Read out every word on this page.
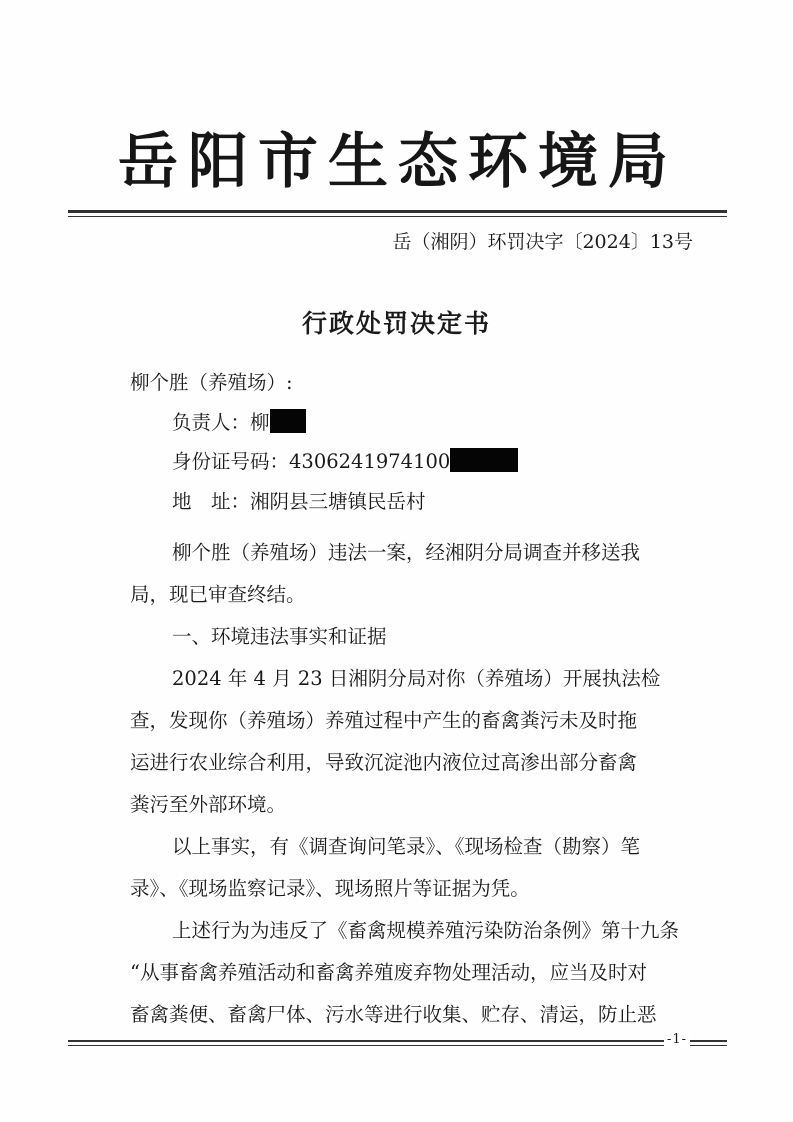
岳阳市生态环境局
岳（湘阴）环罚决字〔2024〕13号
行政处罚决定书
柳个胜（养殖场）:
负责人：柳
身份证号码：4306241974100
地　址：湘阴县三塘镇民岳村
柳个胜（养殖场）违法一案，经湘阴分局调查并移送我
局，现已审查终结。
一、环境违法事实和证据
2024 年 4 月 23 日湘阴分局对你（养殖场）开展执法检
查，发现你（养殖场）养殖过程中产生的畜禽粪污未及时拖
运进行农业综合利用，导致沉淀池内液位过高渗出部分畜禽
粪污至外部环境。
以上事实，有《调查询问笔录》、《现场检查（勘察）笔
录》、《现场监察记录》、现场照片等证据为凭。
上述行为为违反了《畜禽规模养殖污染防治条例》第十九条
“从事畜禽养殖活动和畜禽养殖废弃物处理活动，应当及时对
畜禽粪便、畜禽尸体、污水等进行收集、贮存、清运，防止恶
-1-
